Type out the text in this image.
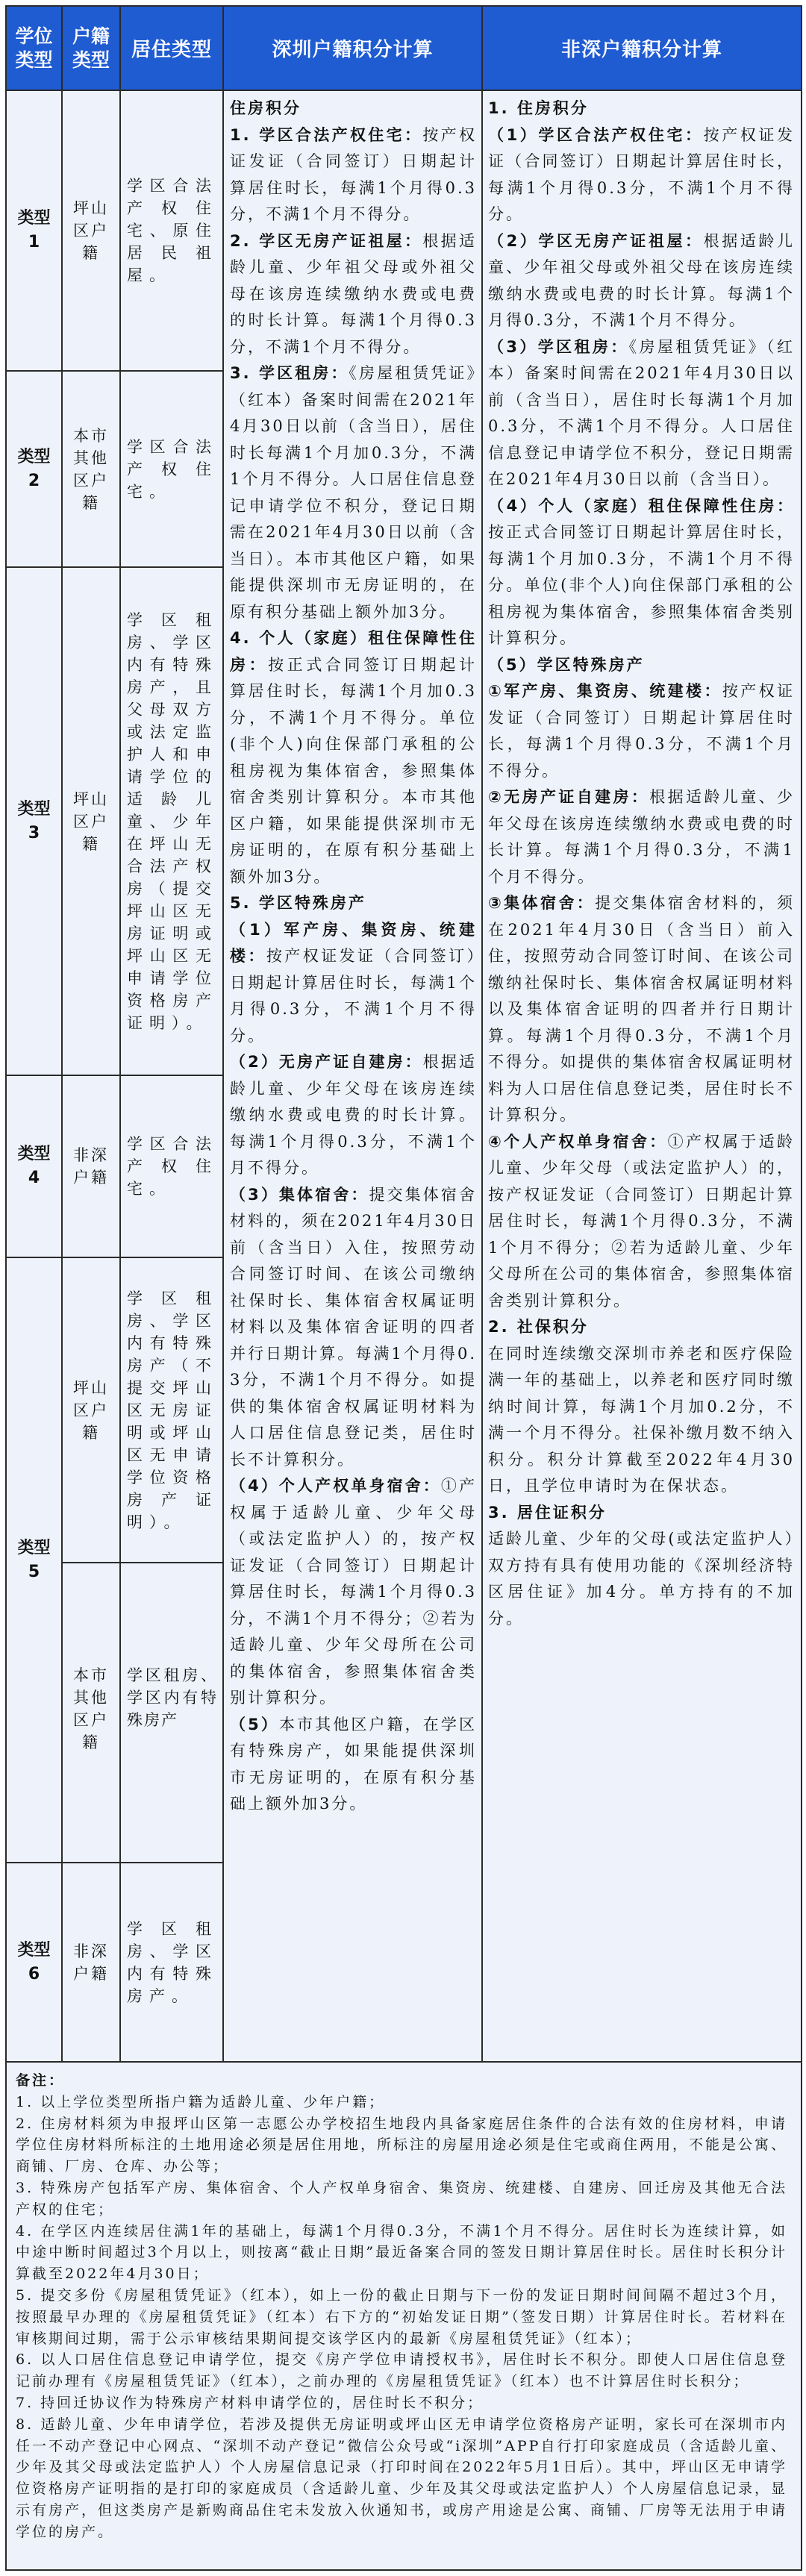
学位
类型
户籍
类型 居住类型	深圳户籍积分计算	非深户籍积分计算
类型
1
坪山区户籍
学区合法产权住宅、原住居民祖屋。
类型
2
本市其他区户籍
学区合法产权住宅。
类型
3
坪山区户籍
学区租房、学区内有特殊房产，且父母双方或法定监护人和申请学位的适龄儿童、少年在坪山无合法产权房（提交坪山区无房证明或坪山区无申请学位资格房产证明）。
类型
4
非深户籍
学区合法产权住宅。
类型
5
坪山区户籍
学区租房、学区内有特殊房产（不提交坪山区无房证明或坪山区无申请学位资格房产证明）。
本市其他区户籍
学区租房、学区内有特殊房产
类型
6
非深户籍
学区租房、学区内有特殊房产。

住房积分

1. 学区合法产权住宅：按产权证发证（合同签订）日期起计算居住时长，每满1个月得0.3分，不满1个月不得分。

2. 学区无房产证祖屋：根据适龄儿童、少年祖父母或外祖父母在该房连续缴纳水费或电费的时长计算。每满1个月得0.3分，不满1个月不得分。

3. 学区租房：《房屋租赁凭证》（红本）备案时间需在2021年4月30日以前（含当日），居住时长每满1个月加0.3分，不满1个月不得分。人口居住信息登记申请学位不积分，登记日期需在2021年4月30日以前（含当日）。本市其他区户籍，如果能提供深圳市无房证明的，在原有积分基础上额外加3分。

4. 个人（家庭）租住保障性住房：按正式合同签订日期起计算居住时长，每满1个月加0.3分，不满1个月不得分。单位(非个人)向住保部门承租的公租房视为集体宿舍，参照集体宿舍类别计算积分。本市其他区户籍，如果能提供深圳市无房证明的，在原有积分基础上额外加3分。

5. 学区特殊房产

（1）军产房、集资房、统建楼：按产权证发证（合同签订）日期起计算居住时长，每满1个月得0.3分，不满1个月不得分。

（2）无房产证自建房：根据适龄儿童、少年父母在该房连续缴纳水费或电费的时长计算。每满1个月得0.3分，不满1个月不得分。

（3）集体宿舍：提交集体宿舍材料的，须在2021年4月30日前（含当日）入住，按照劳动合同签订时间、在该公司缴纳社保时长、集体宿舍权属证明材料以及集体宿舍证明的四者并行日期计算。每满1个月得0.3分，不满1个月不得分。如提供的集体宿舍权属证明材料为人口居住信息登记类，居住时长不计算积分。

（4）个人产权单身宿舍：①产权属于适龄儿童、少年父母（或法定监护人）的，按产权证发证（合同签订）日期起计算居住时长，每满1个月得0.3分，不满1个月不得分；②若为适龄儿童、少年父母所在公司的集体宿舍，参照集体宿舍类别计算积分。

（5）本市其他区户籍，在学区有特殊房产，如果能提供深圳市无房证明的，在原有积分基础上额外加3分。

1. 住房积分

（1）学区合法产权住宅：按产权证发证（合同签订）日期起计算居住时长，每满1个月得0.3分，不满1个月不得分。

（2）学区无房产证祖屋：根据适龄儿童、少年祖父母或外祖父母在该房连续缴纳水费或电费的时长计算。每满1个月得0.3分，不满1个月不得分。

（3）学区租房：《房屋租赁凭证》（红本）备案时间需在2021年4月30日以前（含当日），居住时长每满1个月加0.3分，不满1个月不得分。人口居住信息登记申请学位不积分，登记日期需在2021年4月30日以前（含当日）。

（4）个人（家庭）租住保障性住房：按正式合同签订日期起计算居住时长，每满1个月加0.3分，不满1个月不得分。单位(非个人)向住保部门承租的公租房视为集体宿舍，参照集体宿舍类别计算积分。

（5）学区特殊房产

①军产房、集资房、统建楼：按产权证发证（合同签订）日期起计算居住时长，每满1个月得0.3分，不满1个月不得分。

②无房产证自建房：根据适龄儿童、少年父母在该房连续缴纳水费或电费的时长计算。每满1个月得0.3分，不满1个月不得分。

③集体宿舍：提交集体宿舍材料的，须在2021年4月30日（含当日）前入住，按照劳动合同签订时间、在该公司缴纳社保时长、集体宿舍权属证明材料以及集体宿舍证明的四者并行日期计算。每满1个月得0.3分，不满1个月不得分。如提供的集体宿舍权属证明材料为人口居住信息登记类，居住时长不计算积分。

④个人产权单身宿舍：①产权属于适龄儿童、少年父母（或法定监护人）的，按产权证发证（合同签订）日期起计算居住时长，每满1个月得0.3分，不满1个月不得分；②若为适龄儿童、少年父母所在公司的集体宿舍，参照集体宿舍类别计算积分。

2. 社保积分

在同时连续缴交深圳市养老和医疗保险满一年的基础上，以养老和医疗同时缴纳时间计算，每满1个月加0.2分，不满一个月不得分。社保补缴月数不纳入积分。积分计算截至2022年4月30日，且学位申请时为在保状态。

3. 居住证积分

适龄儿童、少年的父母(或法定监护人）双方持有具有使用功能的《深圳经济特区居住证》加4分。单方持有的不加分。

备注：

1. 以上学位类型所指户籍为适龄儿童、少年户籍；

2. 住房材料须为申报坪山区第一志愿公办学校招生地段内具备家庭居住条件的合法有效的住房材料，申请学位住房材料所标注的土地用途必须是居住用地，所标注的房屋用途必须是住宅或商住两用，不能是公寓、商铺、厂房、仓库、办公等；

3. 特殊房产包括军产房、集体宿舍、个人产权单身宿舍、集资房、统建楼、自建房、回迁房及其他无合法产权的住宅；

4. 在学区内连续居住满1年的基础上，每满1个月得0.3分，不满1个月不得分。居住时长为连续计算，如中途中断时间超过3个月以上，则按离“截止日期”最近备案合同的签发日期计算居住时长。居住时长积分计算截至2022年4月30日；

5. 提交多份《房屋租赁凭证》（红本），如上一份的截止日期与下一份的发证日期时间间隔不超过3个月，按照最早办理的《房屋租赁凭证》（红本）右下方的“初始发证日期”（签发日期）计算居住时长。若材料在审核期间过期，需于公示审核结果期间提交该学区内的最新《房屋租赁凭证》（红本）；

6. 以人口居住信息登记申请学位，提交《房产学位申请授权书》，居住时长不积分。即使人口居住信息登记前办理有《房屋租赁凭证》（红本），之前办理的《房屋租赁凭证》（红本）也不计算居住时长积分；

7. 持回迁协议作为特殊房产材料申请学位的，居住时长不积分；

8. 适龄儿童、少年申请学位，若涉及提供无房证明或坪山区无申请学位资格房产证明，家长可在深圳市内任一不动产登记中心网点、“深圳不动产登记”微信公众号或“i深圳”APP自行打印家庭成员（含适龄儿童、少年及其父母或法定监护人）个人房屋信息记录（打印时间在2022年5月1日后）。其中，坪山区无申请学位资格房产证明指的是打印的家庭成员（含适龄儿童、少年及其父母或法定监护人）个人房屋信息记录，显示有房产，但这类房产是新购商品住宅未发放入伙通知书，或房产用途是公寓、商铺、厂房等无法用于申请学位的房产。
